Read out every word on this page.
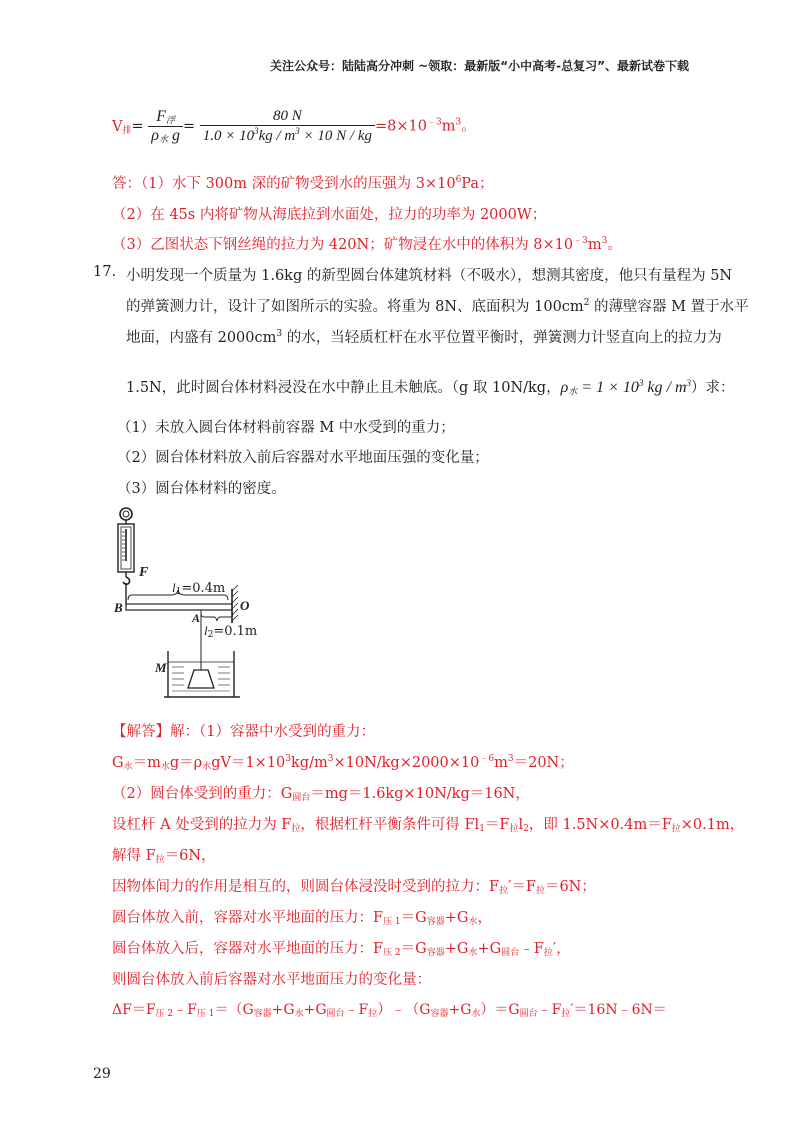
关注公众号：陆陆高分冲刺 ~领取：最新版“小中高考-总复习”、最新试卷下载
$V_排= \frac{F_浮}{\rho_水 g} = \frac{80 N}{1.0 \times 10^3kg / m^3 \times 10 N / kg} =8\times 10^{﹣3}m^3$。
答：（1）水下 300m 深的矿物受到水的压强为 $3\times 10^6Pa$；
（2）在 45s 内将矿物从海底拉到水面处，拉力的功率为 2000W；
（3）乙图状态下钢丝绳的拉力为 420N；矿物浸在水中的体积为 $8\times 10^{﹣3}m^3$。
17. 小明发现一个质量为 1.6kg 的新型圆台体建筑材料（不吸水），想测其密度，他只有量程为 5N
的弹簧测力计，设计了如图所示的实验。将重为 8N、底面积为 $100cm^2$ 的薄壁容器 M 置于水平
地面，内盛有 $2000cm^3$ 的水，当轻质杠杆在水平位置平衡时，弹簧测力计竖直向上的拉力为
1.5N，此时圆台体材料浸没在水中静止且未触底。（g 取 10N/kg，$\rho_水 = 1 \times 10^3$ kg / $m^3$）求：
（1）未放入圆台体材料前容器 M 中水受到的重力；
（2）圆台体材料放入前后容器对水平地面压强的变化量；
（3）圆台体材料的密度。
F
$l_1=0.4m$
B
A
O
$l_2=0.1m$
M
【解答】解：（1）容器中水受到的重力：
$G_水=m_水g=\rho_水gV=1\times 10^3kg/m^3\times 10N/kg\times 2000\times 10^{﹣6}m^3=20N$；
（2）圆台体受到的重力：$G_{圆台}=mg=1.6kg\times 10N/kg=16N$，
设杠杆 A 处受到的拉力为 $F_拉$，根据杠杆平衡条件可得 $Fl_1=F_拉l_2$，即 $1.5N\times 0.4m=F_拉\times 0.1m$，
解得 $F_拉=6N$，
因物体间力的作用是相互的，则圆台体浸没时受到的拉力：$F_拉'=F_拉=6N$；
圆台体放入前，容器对水平地面的压力：$F_{压 1}=G_{容器}+G_水$，
圆台体放入后，容器对水平地面的压力：$F_{压 2}=G_{容器}+G_水+G_{圆台}﹣F_拉'$，
则圆台体放入前后容器对水平地面压力的变化量：
$\Delta F=F_{压 2}﹣F_{压 1}=(G_{容器}+G_水+G_{圆台}﹣F_拉)﹣(G_{容器}+G_水)=G_{圆台}﹣F_拉'=16N﹣6N=$
29
